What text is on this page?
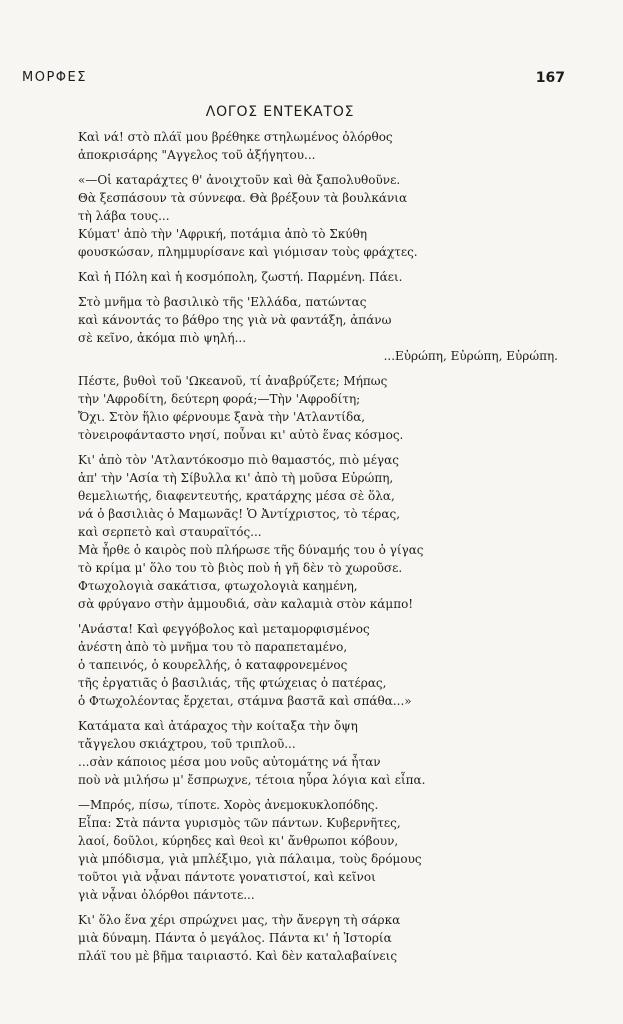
ΜΟΡΦΕΣ	167
ΛΟΓΟΣ ΕΝΤΕΚΑΤΟΣ
Καὶ νά! στὸ πλάϊ μου βρέθηκε στηλωμένος ὀλόρθος
ἀποκρισάρης "Αγγελος τοῦ ἀξήγητου...
«—Οἱ καταράχτες θ' ἀνοιχτοῦν καὶ θὰ ξαπολυθοῦνε.
Θὰ ξεσπάσουν τὰ σύννεφα. Θὰ βρέξουν τὰ βουλκάνια
τὴ λάβα τους...
Κύματ' ἀπὸ τὴν 'Αφρική, ποτάμια ἀπὸ τὸ Σκύθη
φουσκώσαν, πλημμυρίσανε καὶ γιόμισαν τοὺς φράχτες.
Καὶ ἡ Πόλη καὶ ἡ κοσμόπολη, ζωστή. Παρμένη. Πάει.
Στὸ μνῆμα τὸ βασιλικὸ τῆς 'Ελλάδα, πατώντας
καὶ κάνοντάς το βάθρο της γιὰ νὰ φαντάξη, ἀπάνω
σὲ κεῖνο, ἀκόμα πιὸ ψηλή...
...Εὐρώπη, Εὐρώπη, Εὐρώπη.
Πέστε, βυθοὶ τοῦ 'Ωκεανοῦ, τί ἀναβρύζετε; Μήπως
τὴν 'Αφροδίτη, δεύτερη φορά;—Τὴν 'Αφροδίτη;
Ὄχι. Στὸν ἥλιο φέρνουμε ξανὰ τὴν 'Ατλαντίδα,
τὸνειροφάνταστο νησί, ποὖναι κι' αὐτὸ ἕνας κόσμος.
Κι' ἀπὸ τὸν 'Ατλαντόκοσμο πιὸ θαμαστός, πιὸ μέγας
ἀπ' τὴν 'Ασία τὴ Σίβυλλα κι' ἀπὸ τὴ μοῦσα Εὐρώπη,
θεμελιωτής, διαφεντευτής, κρατάρχης μέσα σὲ ὅλα,
νά ὁ βασιλιὰς ὁ Μαμωνᾶς! Ὁ Ἀντίχριστος, τὸ τέρας,
καὶ σερπετὸ καὶ σταυραϊτός...
Μὰ ἦρθε ὁ καιρὸς ποὺ πλήρωσε τῆς δύναμής του ὁ γίγας
τὸ κρίμα μ' ὅλο του τὸ βιὸς ποὺ ἡ γῆ δὲν τὸ χωροῦσε.
Φτωχολογιὰ σακάτισα, φτωχολογιὰ καημένη,
σὰ φρύγανο στὴν ἀμμουδιά, σὰν καλαμιὰ στὸν κάμπο!
'Ανάστα! Καὶ φεγγόβολος καὶ μεταμορφισμένος
ἀνέστη ἀπὸ τὸ μνῆμα του τὸ παραπεταμένο,
ὁ ταπεινός, ὁ κουρελλής, ὁ καταφρονεμένος
τῆς ἐργατιᾶς ὁ βασιλιάς, τῆς φτώχειας ὁ πατέρας,
ὁ Φτωχολέοντας ἔρχεται, στάμνα βαστᾶ καὶ σπάθα...»
Κατάματα καὶ ἀτάραχος τὴν κοίταξα τὴν ὄψη
τἄγγελου σκιάχτρου, τοῦ τριπλοῦ...
...σὰν κάποιος μέσα μου νοῦς αὐτομάτης νά ἦταν
ποὺ νὰ μιλήσω μ' ἔσπρωχνε, τέτοια ηὗρα λόγια καὶ εἶπα.
—Μπρός, πίσω, τίποτε. Χορὸς ἀνεμοκυκλοπόδης.
Εἶπα: Στὰ πάντα γυρισμὸς τῶν πάντων. Κυβερνῆτες,
λαοί, δοῦλοι, κύρηδες καὶ θεοὶ κι' ἄνθρωποι κόβουν,
γιὰ μπόδισμα, γιὰ μπλέξιμο, γιὰ πάλαιμα, τοὺς δρόμους
τοῦτοι γιὰ νᾆναι πάντοτε γονατιστοί, καὶ κεῖνοι
γιὰ νᾆναι ὀλόρθοι πάντοτε...
Κι' ὅλο ἕνα χέρι σπρώχνει μας, τὴν ἄνεργη τὴ σάρκα
μιὰ δύναμη. Πάντα ὁ μεγάλος. Πάντα κι' ἡ Ἱστορία
πλάϊ του μὲ βῆμα ταιριαστό. Καὶ δὲν καταλαβαίνεις
